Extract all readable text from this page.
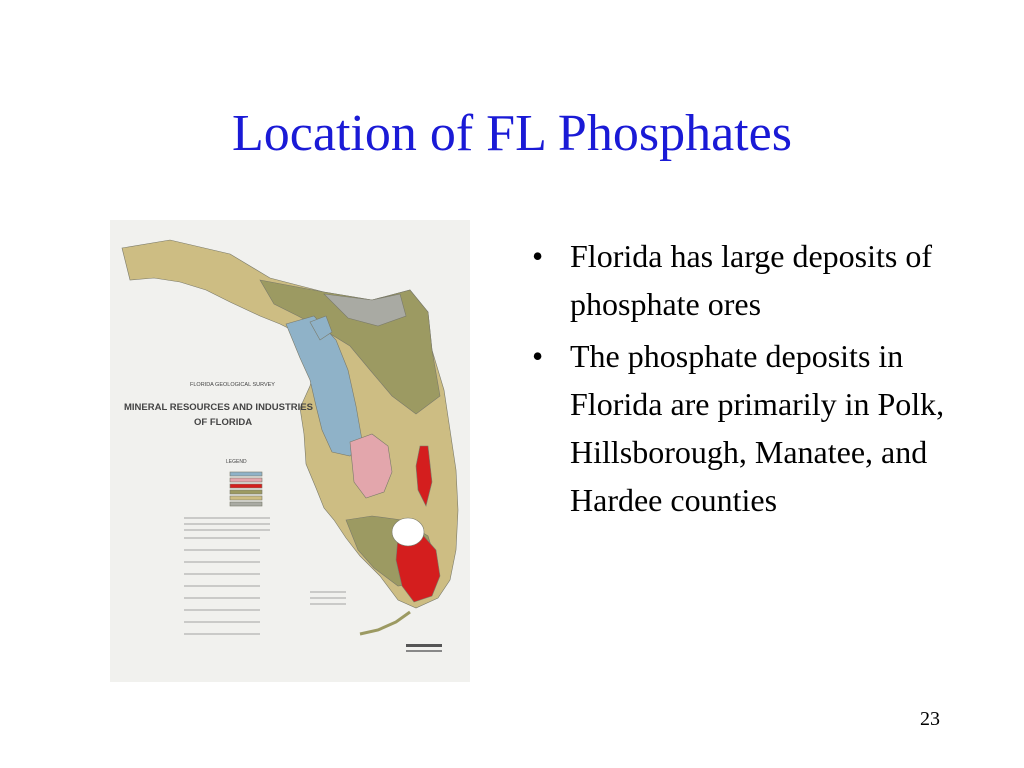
Location of FL Phosphates
FLORIDA GEOLOGICAL SURVEY
MINERAL RESOURCES AND INDUSTRIES
OF FLORIDA
LEGEND
• Florida has large deposits of phosphate ores
• The phosphate deposits in Florida are primarily in Polk, Hillsborough, Manatee, and Hardee counties
23
